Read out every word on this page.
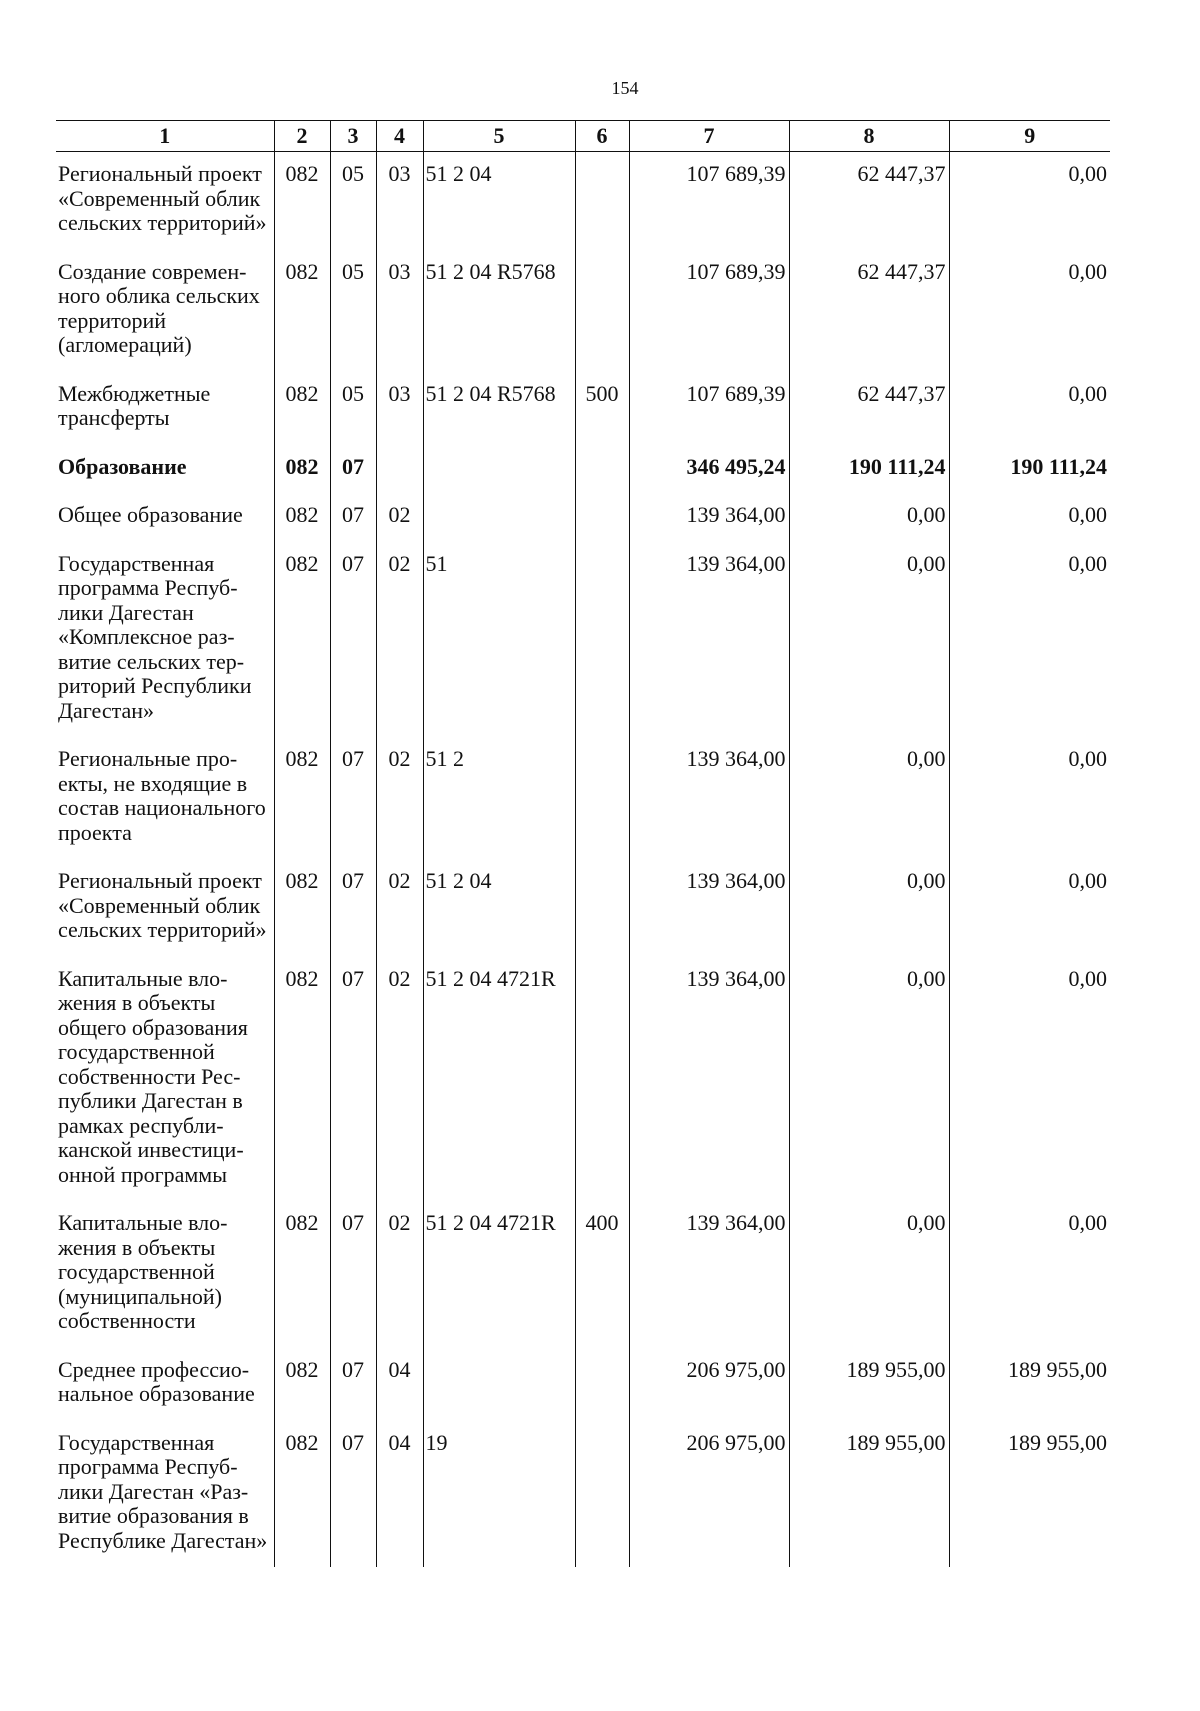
154
1	2	3	4	5	6	7	8	9
Региональный проект «Современный облик сельских территорий»	082	05	03	51 2 04		107 689,39	62 447,37	0,00
Создание современного облика сельских территорий (агломераций)	082	05	03	51 2 04 R5768		107 689,39	62 447,37	0,00
Межбюджетные трансферты	082	05	03	51 2 04 R5768	500	107 689,39	62 447,37	0,00
Образование	082	07				346 495,24	190 111,24	190 111,24
Общее образование	082	07	02			139 364,00	0,00	0,00
Государственная программа Республики Дагестан «Комплексное развитие сельских территорий Республики Дагестан»	082	07	02	51		139 364,00	0,00	0,00
Региональные проекты, не входящие в состав национального проекта	082	07	02	51 2		139 364,00	0,00	0,00
Региональный проект «Современный облик сельских территорий»	082	07	02	51 2 04		139 364,00	0,00	0,00
Капитальные вложения в объекты общего образования государственной собственности Республики Дагестан в рамках республиканской инвестиционной программы	082	07	02	51 2 04 4721R		139 364,00	0,00	0,00
Капитальные вложения в объекты государственной (муниципальной) собственности	082	07	02	51 2 04 4721R	400	139 364,00	0,00	0,00
Среднее профессиональное образование	082	07	04			206 975,00	189 955,00	189 955,00
Государственная программа Республики Дагестан «Развитие образования в Республике Дагестан»	082	07	04	19		206 975,00	189 955,00	189 955,00
